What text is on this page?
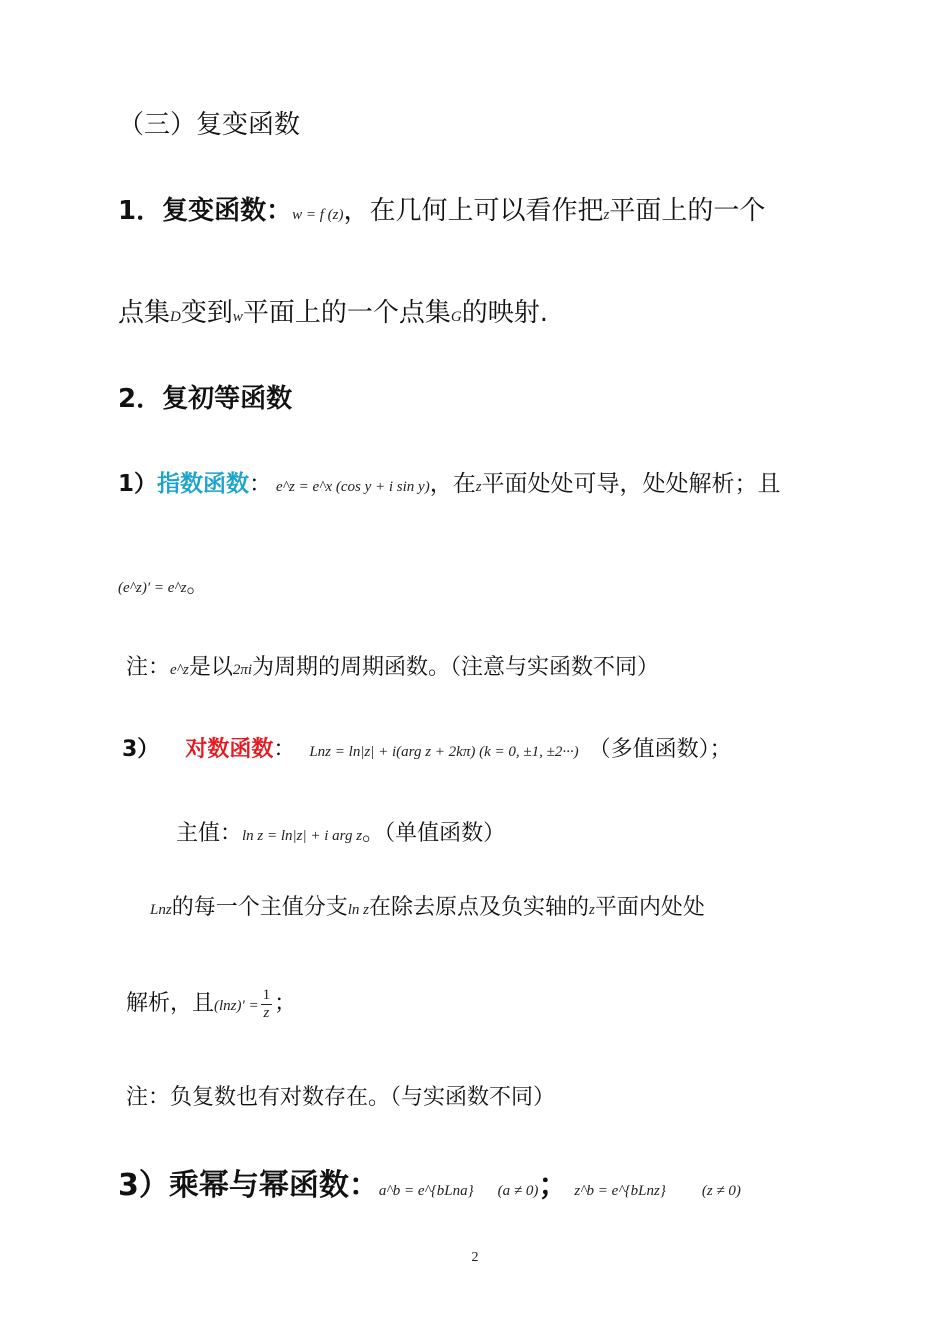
（三）复变函数
1．复变函数：w = f (z)，在几何上可以看作把z平面上的一个
点集D变到w平面上的一个点集G的映射.
2．复初等函数
1）指数函数： e^z = e^x (cos y + i sin y)，在z平面处处可导，处处解析；且
(e^z)′ = e^z。
注：e^z是以2πi为周期的周期函数。（注意与实函数不同）
3） 对数函数： Lnz = ln|z| + i(arg z + 2kπ) (k = 0, ±1, ±2···) （多值函数）；
主值：ln z = ln|z| + i arg z。（单值函数）
Lnz的每一个主值分支ln z在除去原点及负实轴的z平面内处处
解析，且$(\ln z)' = \frac{1}{z}$ ；
注：负复数也有对数存在。（与实函数不同）
3）乘幂与幂函数：a^b = e^{bLna} (a ≠ 0)； z^b = e^{bLnz} (z ≠ 0)
2
